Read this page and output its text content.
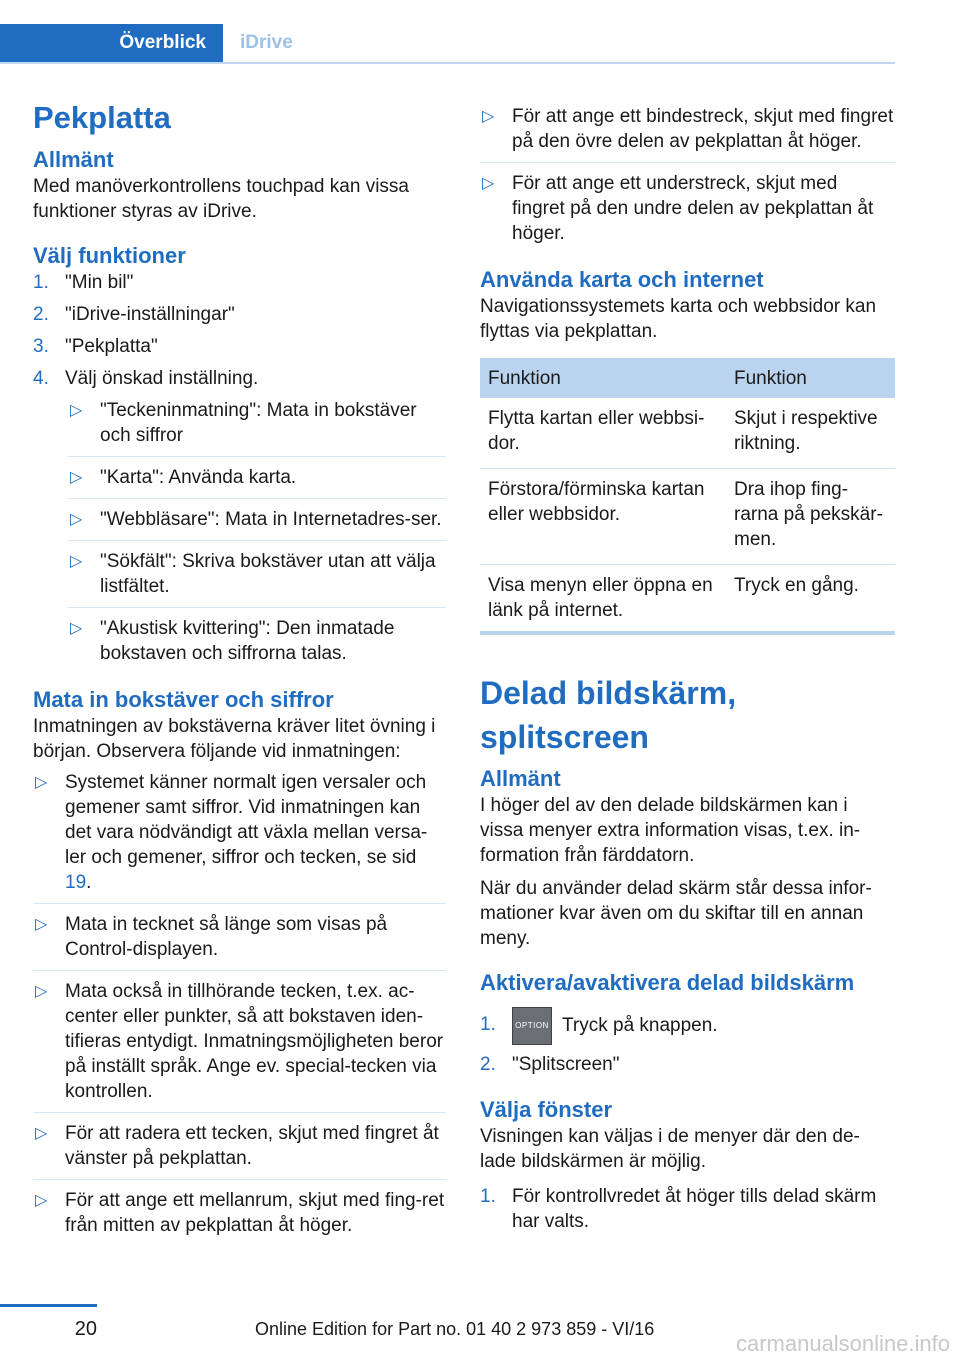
Överblick	iDrive
Pekplatta
Allmänt

Med manöverkontrollens touchpad kan vissa funktioner styras av iDrive.

Välj funktioner
1. "Min bil"
2. "iDrive-inställningar"
3. "Pekplatta"
4. Välj önskad inställning.
▷ "Teckeninmatning": Mata in bokstäver och siffror
▷ "Karta": Använda karta.
▷ "Webbläsare": Mata in Internetadres-ser.
▷ "Sökfält": Skriva bokstäver utan att välja listfältet.
▷ "Akustisk kvittering": Den inmatade bokstaven och siffrorna talas.
Mata in bokstäver och siffror

Inmatningen av bokstäverna kräver litet övning i början. Observera följande vid inmatningen:

▷ Systemet känner normalt igen versaler och gemener samt siffror. Vid inmatningen kan det vara nödvändigt att växla mellan versa-ler och gemener, siffror och tecken, se sid 19.
▷ Mata in tecknet så länge som visas på Control-displayen.
▷ Mata också in tillhörande tecken, t.ex. ac-center eller punkter, så att bokstaven iden-tifieras entydigt. Inmatningsmöjligheten beror på inställt språk. Ange ev. special-tecken via kontrollen.
▷ För att radera ett tecken, skjut med fingret åt vänster på pekplattan.
▷ För att ange ett mellanrum, skjut med fing-ret från mitten av pekplattan åt höger.
▷ För att ange ett bindestreck, skjut med fingret på den övre delen av pekplattan åt höger.
▷ För att ange ett understreck, skjut med fingret på den undre delen av pekplattan åt höger.
Använda karta och internet

Navigationssystemets karta och webbsidor kan flyttas via pekplattan.

Funktion	Funktion
Flytta kartan eller webbsi-dor.	Skjut i respektive riktning.
Förstora/förminska kartan eller webbsidor.	Dra ihop fing-rarna på pekskär-men.
Visa menyn eller öppna en länk på internet.	Tryck en gång.
Delad bildskärm, splitscreen
Allmänt

I höger del av den delade bildskärmen kan i vissa menyer extra information visas, t.ex. in-formation från färddatorn.

När du använder delad skärm står dessa infor-mationer kvar även om du skiftar till en annan meny.

Aktivera/avaktivera delad bildskärm
1. OPTION Tryck på knappen.
2. "Splitscreen"
Välja fönster

Visningen kan väljas i de menyer där den de-lade bildskärmen är möjlig.

1. För kontrollvredet åt höger tills delad skärm har valts.
20	Online Edition for Part no. 01 40 2 973 859 - VI/16
carmanualsonline.info
